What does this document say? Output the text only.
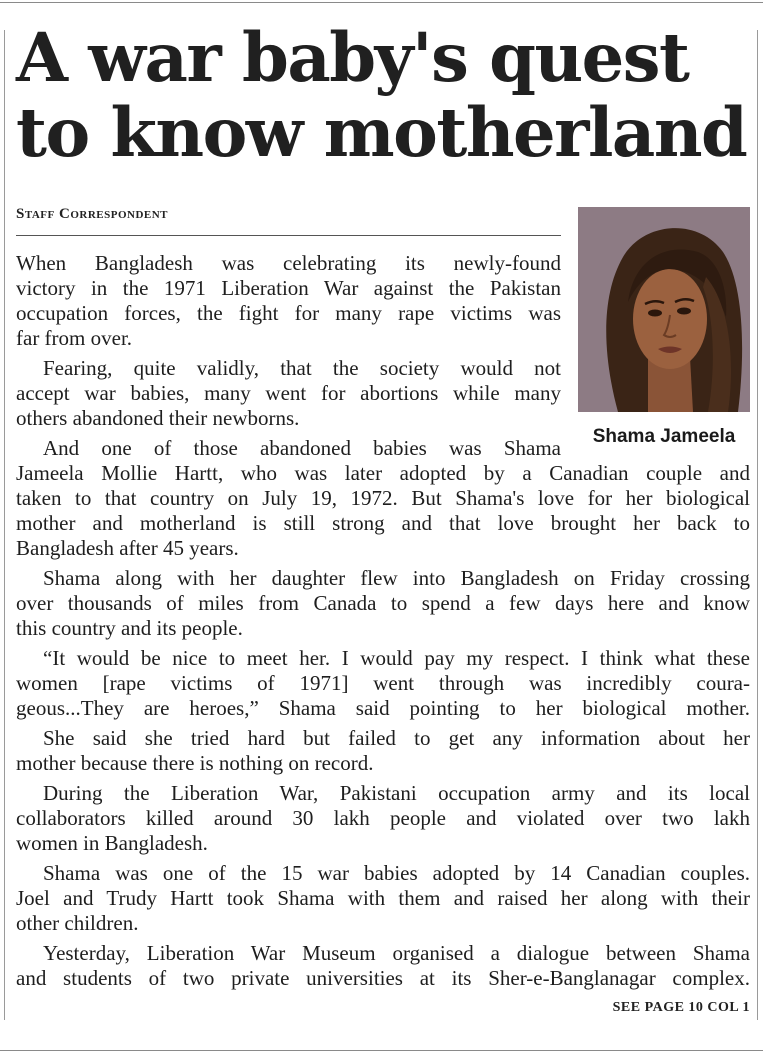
A war baby's quest
to know motherland
Staff Correspondent
Shama Jameela
When Bangladesh was celebrating its newly-found
victory in the 1971 Liberation War against the Pakistan
occupation forces, the fight for many rape victims was
far from over.
Fearing, quite validly, that the society would not
accept war babies, many went for abortions while many
others abandoned their newborns.
And one of those abandoned babies was Shama
Jameela Mollie Hartt, who was later adopted by a Canadian couple and
taken to that country on July 19, 1972. But Shama's love for her biological
mother and motherland is still strong and that love brought her back to
Bangladesh after 45 years.
Shama along with her daughter flew into Bangladesh on Friday crossing
over thousands of miles from Canada to spend a few days here and know
this country and its people.
“It would be nice to meet her. I would pay my respect. I think what these
women [rape victims of 1971] went through was incredibly coura-
geous...They are heroes,” Shama said pointing to her biological mother.
She said she tried hard but failed to get any information about her
mother because there is nothing on record.
During the Liberation War, Pakistani occupation army and its local
collaborators killed around 30 lakh people and violated over two lakh
women in Bangladesh.
Shama was one of the 15 war babies adopted by 14 Canadian couples.
Joel and Trudy Hartt took Shama with them and raised her along with their
other children.
Yesterday, Liberation War Museum organised a dialogue between Shama
and students of two private universities at its Sher-e-Banglanagar complex.
SEE PAGE 10 COL 1
